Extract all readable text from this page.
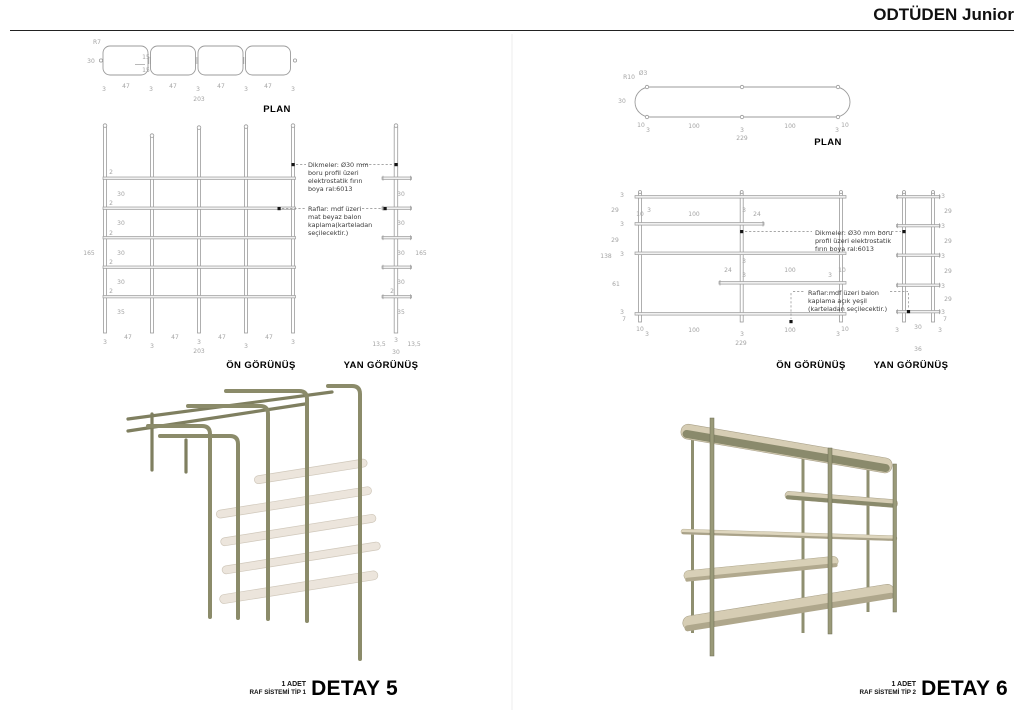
ODTÜDEN Junior
R7
30
15
15
3	47	3	47	3	47	3	47	3
203
2
30
2
30
2
30
2
30
2
35
165
3
47
3
47
3
47
3
47
3
203
30
30
30
30
2
35
165
13,5
3
13,5
30
Dikmeler: Ø30 mm
boru profil üzeri
elektrostatik fırın
boya ral:6013
Raflar: mdf üzeri
mat beyaz balon
kaplama(karteladan
seçilecektir.)
R10
Ø3
30
10
3
100
3
100
3
10
229
3
29
3
29
3
61
3
7
138
10
3
100
3
24
3
24
3
100
3
10
10
3
100
3
100
3
10
229
3
29
3
29
3
29
3
29
3
7
3	30	3
36
Dikmeler: Ø30 mm boru
profil üzeri elektrostatik
fırın boya ral:6013
Raflar:mdf üzeri balon
kaplama açık yeşil
(karteladan seçilecektir.)
PLAN
ÖN GÖRÜNÜŞ	YAN GÖRÜNÜŞ
PLAN
ÖN GÖRÜNÜŞ	YAN GÖRÜNÜŞ
1 ADET
RAF SİSTEMİ TİP 1 DETAY 5	1 ADET
RAF SİSTEMİ TİP 2 DETAY 6
